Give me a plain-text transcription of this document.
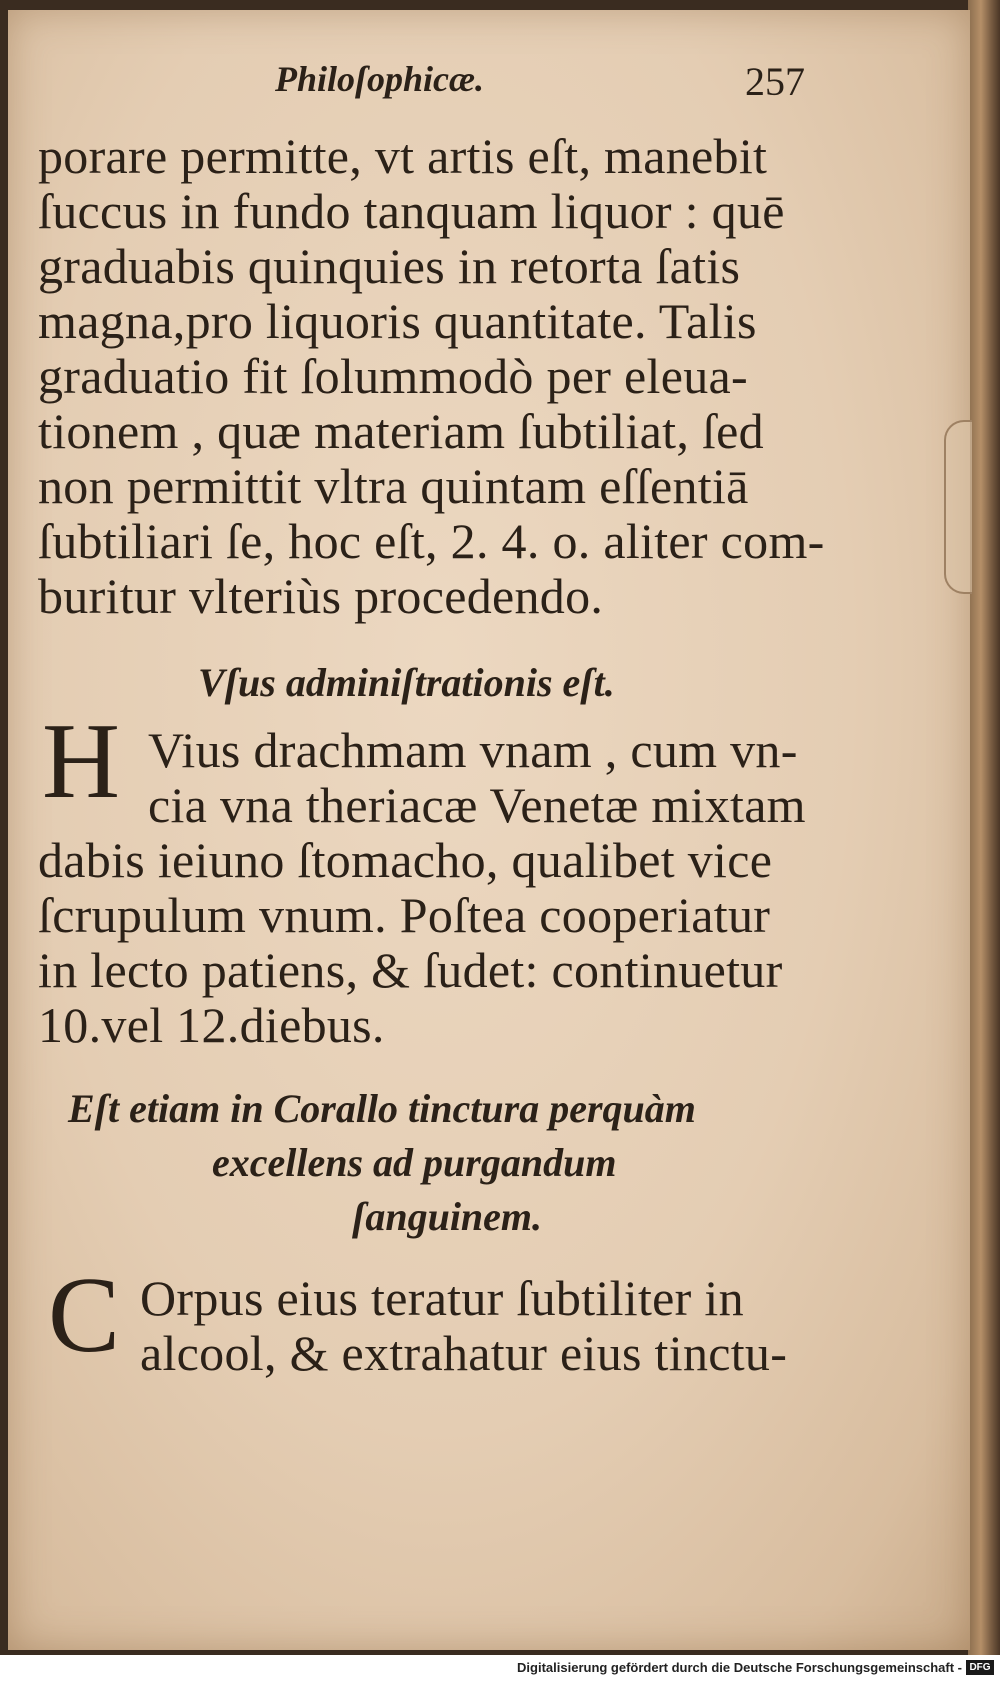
Philoſophicæ.	257
porare permitte, vt artis eſt, manebit
ſuccus in fundo tanquam liquor : quē
graduabis quinquies in retorta ſatis
magna,pro liquoris quantitate. Talis
graduatio fit ſolummodò per eleua-
tionem , quæ materiam ſubtiliat, ſed
non permittit vltra quintam eſſentiā
ſubtiliari ſe, hoc eſt, 2. 4. o. aliter com-
buritur vlteriùs procedendo.
Vſus adminiſtrationis eſt.
H Vius drachmam vnam , cum vn-
cia vna theriacæ Venetæ mixtam
dabis ieiuno ſtomacho, qualibet vice
ſcrupulum vnum. Poſtea cooperiatur
in lecto patiens, & ſudet: continuetur
10.vel 12.diebus.
Eſt etiam in Corallo tinctura perquàm
excellens ad purgandum
ſanguinem.
C Orpus eius teratur ſubtiliter in
alcool, & extrahatur eius tinctu-
Digitalisierung gefördert durch die Deutsche Forschungsgemeinschaft - DFG
